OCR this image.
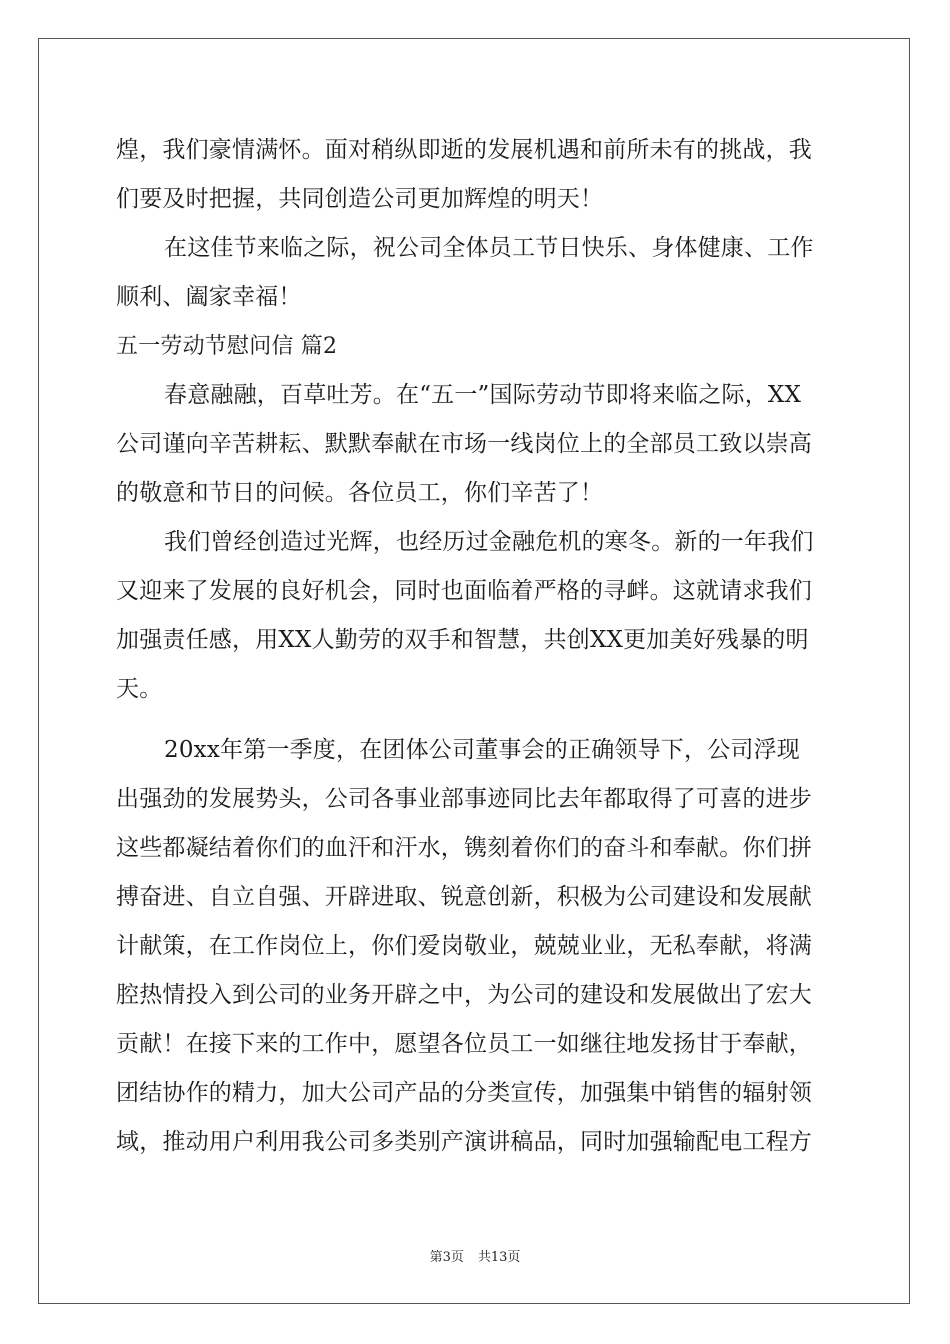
煌，我们豪情满怀。面对稍纵即逝的发展机遇和前所未有的挑战，我
们要及时把握，共同创造公司更加辉煌的明天！
在这佳节来临之际，祝公司全体员工节日快乐、身体健康、工作
顺利、阖家幸福！
五一劳动节慰问信 篇2
春意融融，百草吐芳。在“五一”国际劳动节即将来临之际，XX
公司谨向辛苦耕耘、默默奉献在市场一线岗位上的全部员工致以崇高
的敬意和节日的问候。各位员工，你们辛苦了！
我们曾经创造过光辉，也经历过金融危机的寒冬。新的一年我们
又迎来了发展的良好机会，同时也面临着严格的寻衅。这就请求我们
加强责任感，用XX人勤劳的双手和智慧，共创XX更加美好残暴的明
天。
20xx年第一季度，在团体公司董事会的正确领导下，公司浮现
出强劲的发展势头，公司各事业部事迹同比去年都取得了可喜的进步
这些都凝结着你们的血汗和汗水，镌刻着你们的奋斗和奉献。你们拼
搏奋进、自立自强、开辟进取、锐意创新，积极为公司建设和发展献
计献策，在工作岗位上，你们爱岗敬业，兢兢业业，无私奉献，将满
腔热情投入到公司的业务开辟之中，为公司的建设和发展做出了宏大
贡献！在接下来的工作中，愿望各位员工一如继往地发扬甘于奉献，
团结协作的精力，加大公司产品的分类宣传，加强集中销售的辐射领
域，推动用户利用我公司多类别产演讲稿品，同时加强输配电工程方
第3页 共13页
